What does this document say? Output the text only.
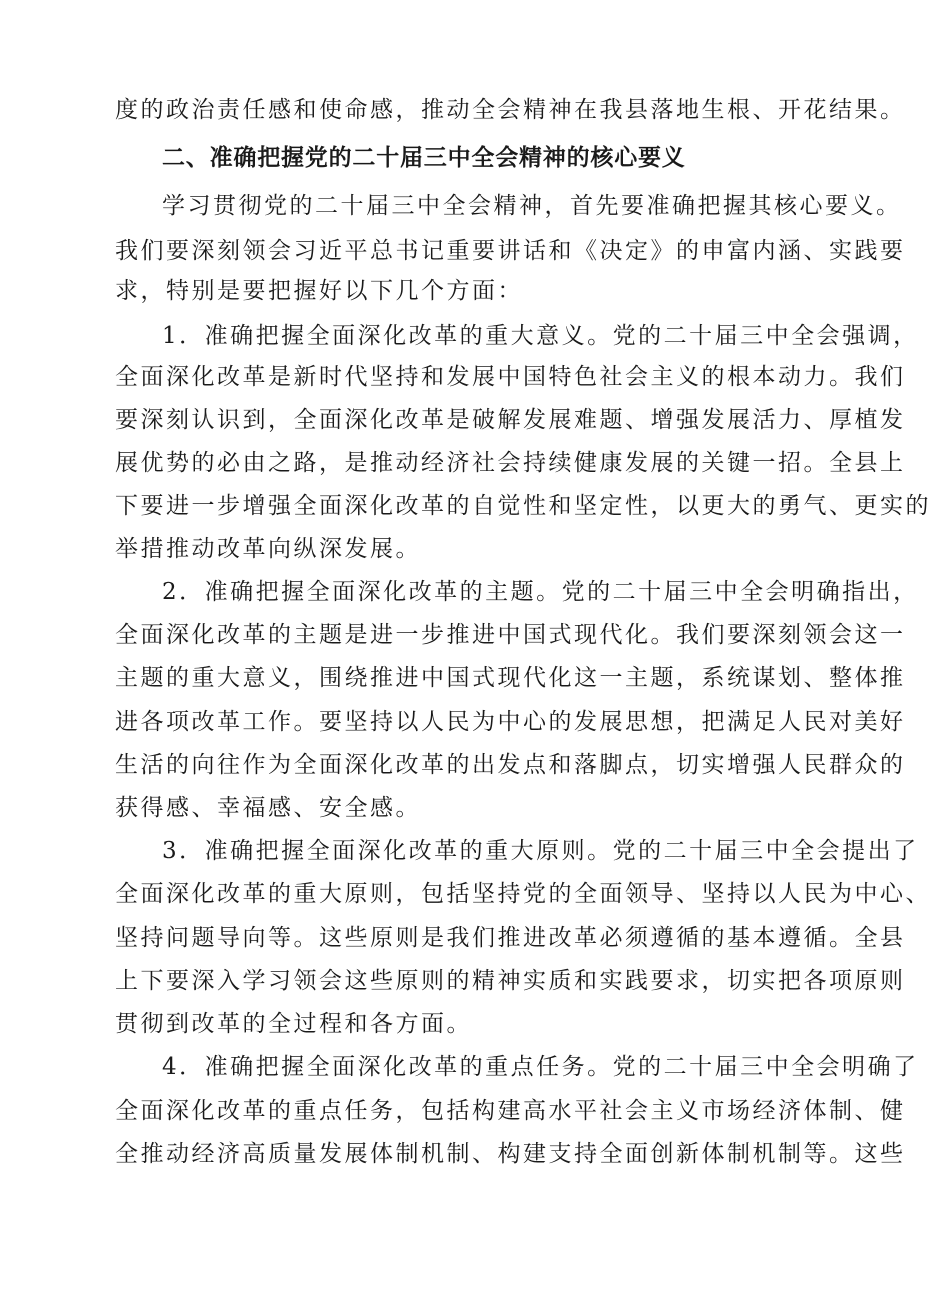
度的政治责任感和使命感，推动全会精神在我县落地生根、开花结果。
二、准确把握党的二十届三中全会精神的核心要义
学习贯彻党的二十届三中全会精神，首先要准确把握其核心要义。
我们要深刻领会习近平总书记重要讲话和《决定》的申富内涵、实践要
求，特别是要把握好以下几个方面：
1．准确把握全面深化改革的重大意义。党的二十届三中全会强调，
全面深化改革是新时代坚持和发展中国特色社会主义的根本动力。我们
要深刻认识到，全面深化改革是破解发展难题、增强发展活力、厚植发
展优势的必由之路，是推动经济社会持续健康发展的关键一招。全县上
下要进一步增强全面深化改革的自觉性和坚定性，以更大的勇气、更实的
举措推动改革向纵深发展。
2．准确把握全面深化改革的主题。党的二十届三中全会明确指出，
全面深化改革的主题是进一步推进中国式现代化。我们要深刻领会这一
主题的重大意义，围绕推进中国式现代化这一主题，系统谋划、整体推
进各项改革工作。要坚持以人民为中心的发展思想，把满足人民对美好
生活的向往作为全面深化改革的出发点和落脚点，切实增强人民群众的
获得感、幸福感、安全感。
3．准确把握全面深化改革的重大原则。党的二十届三中全会提出了
全面深化改革的重大原则，包括坚持党的全面领导、坚持以人民为中心、
坚持问题导向等。这些原则是我们推进改革必须遵循的基本遵循。全县
上下要深入学习领会这些原则的精神实质和实践要求，切实把各项原则
贯彻到改革的全过程和各方面。
4．准确把握全面深化改革的重点任务。党的二十届三中全会明确了
全面深化改革的重点任务，包括构建高水平社会主义市场经济体制、健
全推动经济高质量发展体制机制、构建支持全面创新体制机制等。这些
